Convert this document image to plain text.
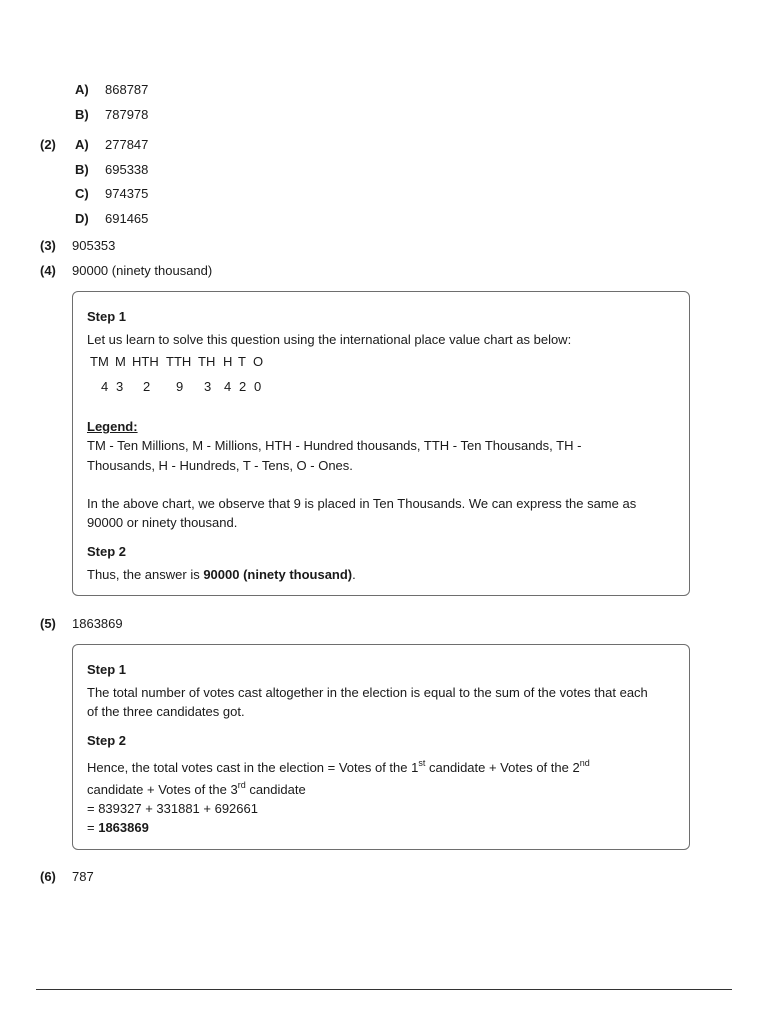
A) 868787
B) 787978
(2) A) 277847
B) 695338
C) 974375
D) 691465
(3) 905353
(4) 90000 (ninety thousand)
Step 1
Let us learn to solve this question using the international place value chart as below:
TM M HTH TTH TH H T O
4 3 2 9 3 4 2 0
Legend:
TM - Ten Millions, M - Millions, HTH - Hundred thousands, TTH - Ten Thousands, TH -
Thousands, H - Hundreds, T - Tens, O - Ones.
In the above chart, we observe that 9 is placed in Ten Thousands. We can express the same as
90000 or ninety thousand.
Step 2
Thus, the answer is 90000 (ninety thousand).
(5) 1863869
Step 1
The total number of votes cast altogether in the election is equal to the sum of the votes that each
of the three candidates got.
Step 2
Hence, the total votes cast in the election = Votes of the 1st candidate + Votes of the 2nd
candidate + Votes of the 3rd candidate
= 839327 + 331881 + 692661
= 1863869
(6) 787
